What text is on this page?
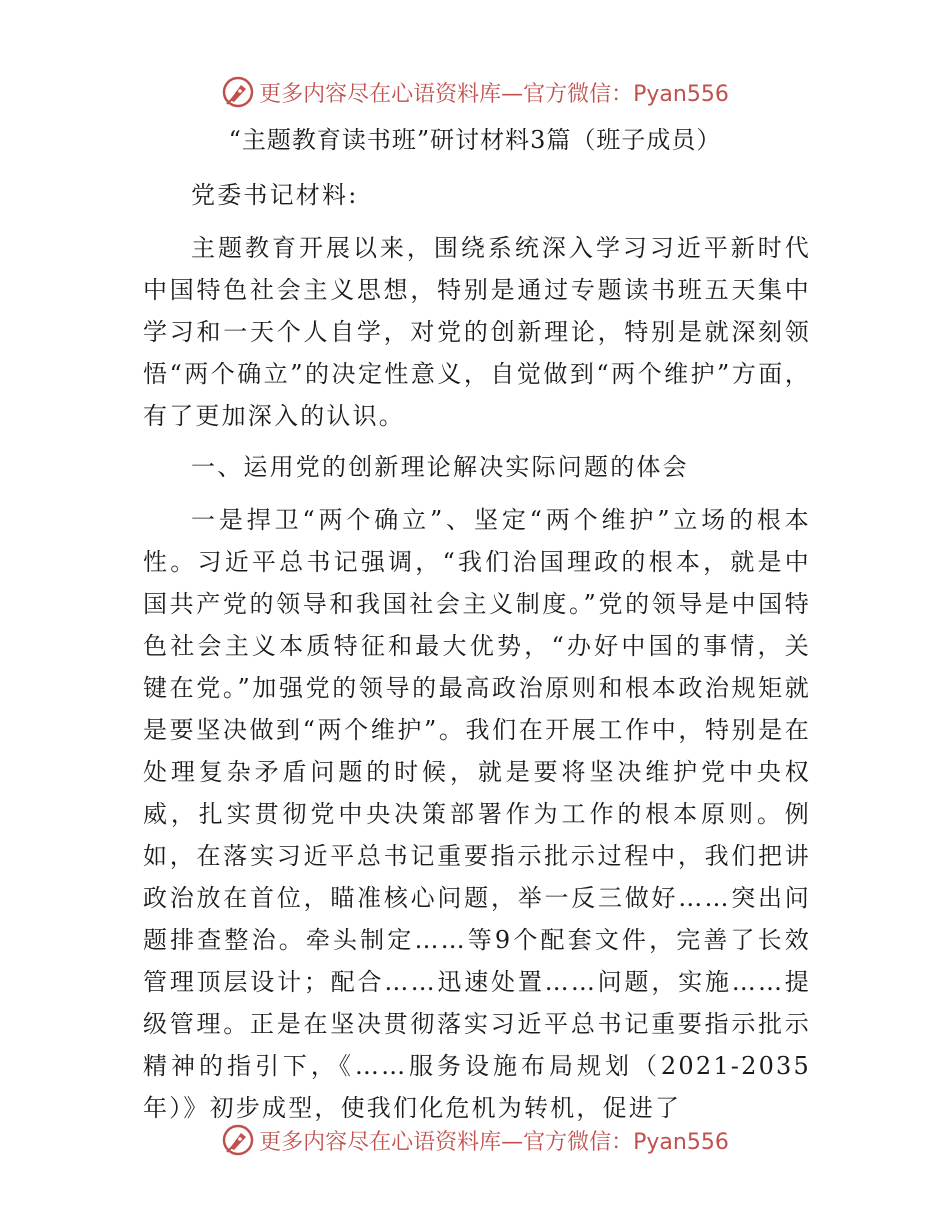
更多内容尽在心语资料库—官方微信：Pyan556
“主题教育读书班”研讨材料3篇（班子成员）

党委书记材料:

主题教育开展以来，围绕系统深入学习习近平新时代中国特色社会主义思想，特别是通过专题读书班五天集中学习和一天个人自学，对党的创新理论，特别是就深刻领悟“两个确立”的决定性意义，自觉做到“两个维护”方面，有了更加深入的认识。

一、运用党的创新理论解决实际问题的体会

一是捍卫“两个确立”、坚定“两个维护”立场的根本性。习近平总书记强调，“我们治国理政的根本，就是中国共产党的领导和我国社会主义制度。”党的领导是中国特色社会主义本质特征和最大优势，“办好中国的事情，关键在党。”加强党的领导的最高政治原则和根本政治规矩就是要坚决做到“两个维护”。我们在开展工作中，特别是在处理复杂矛盾问题的时候，就是要将坚决维护党中央权威，扎实贯彻党中央决策部署作为工作的根本原则。例如，在落实习近平总书记重要指示批示过程中，我们把讲政治放在首位，瞄准核心问题，举一反三做好……突出问题排查整治。牵头制定……等9个配套文件，完善了长效管理顶层设计；配合……迅速处置……问题，实施……提级管理。正是在坚决贯彻落实习近平总书记重要指示批示精神的指引下，《……服务设施布局规划（2021-2035年）》初步成型，使我们化危机为转机，促进了

更多内容尽在心语资料库—官方微信：Pyan556
